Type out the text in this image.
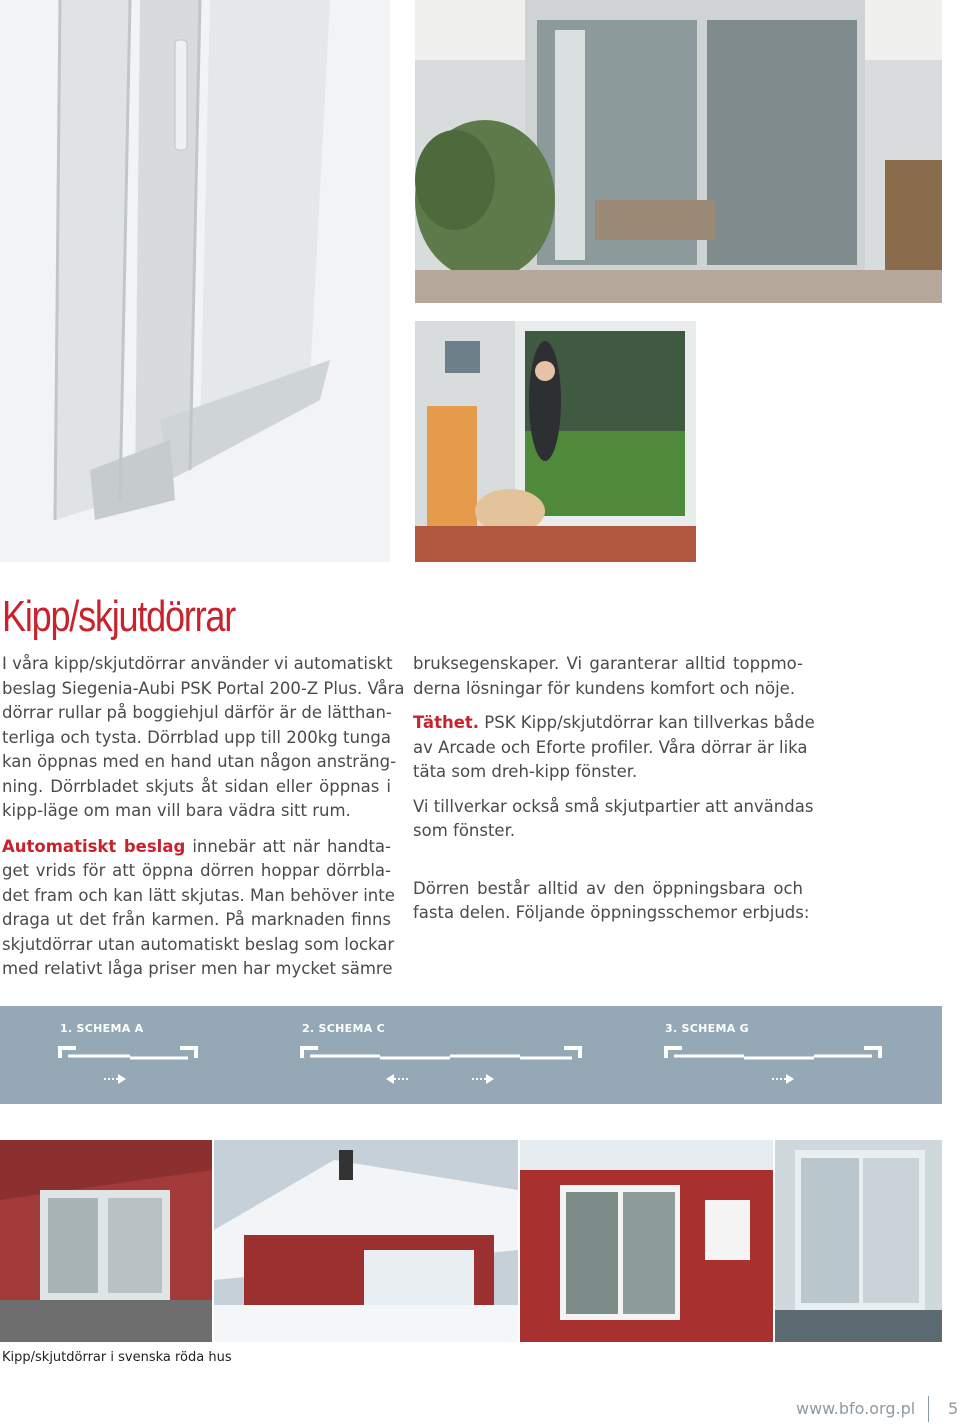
Kipp/skjutdörrar
I våra kipp/skjutdörrar använder vi automatiskt
beslag Siegenia-Aubi PSK Portal 200-Z Plus. Våra
dörrar rullar på boggiehjul därför är de lätthan-
terliga och tysta. Dörrblad upp till 200kg tunga
kan öppnas med en hand utan någon ansträng-
ning. Dörrbladet skjuts åt sidan eller öppnas i
kipp-läge om man vill bara vädra sitt rum.
Automatiskt beslag innebär att när handta-
get vrids för att öppna dörren hoppar dörrbla-
det fram och kan lätt skjutas. Man behöver inte
draga ut det från karmen. På marknaden finns
skjutdörrar utan automatiskt beslag som lockar
med relativt låga priser men har mycket sämre
bruksegenskaper. Vi garanterar alltid toppmo-
derna lösningar för kundens komfort och nöje.
Täthet. PSK Kipp/skjutdörrar kan tillverkas både
av Arcade och Eforte profiler. Våra dörrar är lika
täta som dreh-kipp fönster.
Vi tillverkar också små skjutpartier att användas
som fönster.
Dörren består alltid av den öppningsbara och
fasta delen. Följande öppningsschemor erbjuds:
1. SCHEMA A	2. SCHEMA C	3. SCHEMA G
Kipp/skjutdörrar i svenska röda hus
www.bfo.org.pl 5
